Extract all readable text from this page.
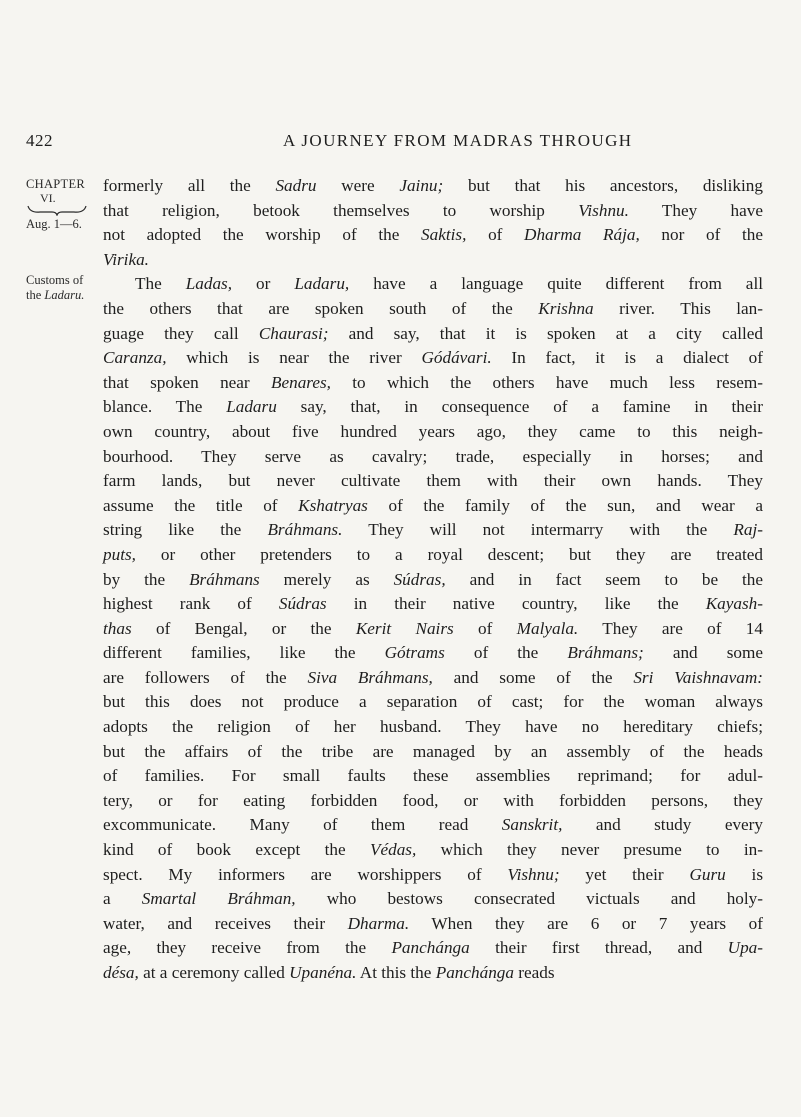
422	A JOURNEY FROM MADRAS THROUGH
CHAPTER
VI.
Aug. 1—6.
Customs of
the Ladaru.
formerly all the Sadru were Jainu; but that his ancestors, disliking
that religion, betook themselves to worship Vishnu. They have
not adopted the worship of the Saktis, of Dharma Rája, nor of the
Virika.
The Ladas, or Ladaru, have a language quite different from all
the others that are spoken south of the Krishna river. This lan-
guage they call Chaurasi; and say, that it is spoken at a city called
Caranza, which is near the river Gódávari. In fact, it is a dialect of
that spoken near Benares, to which the others have much less resem-
blance. The Ladaru say, that, in consequence of a famine in their
own country, about five hundred years ago, they came to this neigh-
bourhood. They serve as cavalry; trade, especially in horses; and
farm lands, but never cultivate them with their own hands. They
assume the title of Kshatryas of the family of the sun, and wear a
string like the Bráhmans. They will not intermarry with the Raj-
puts, or other pretenders to a royal descent; but they are treated
by the Bráhmans merely as Súdras, and in fact seem to be the
highest rank of Súdras in their native country, like the Kayash-
thas of Bengal, or the Kerit Nairs of Malyala. They are of 14
different families, like the Gótrams of the Bráhmans; and some
are followers of the Siva Bráhmans, and some of the Sri Vaishnavam:
but this does not produce a separation of cast; for the woman always
adopts the religion of her husband. They have no hereditary chiefs;
but the affairs of the tribe are managed by an assembly of the heads
of families. For small faults these assemblies reprimand; for adul-
tery, or for eating forbidden food, or with forbidden persons, they
excommunicate. Many of them read Sanskrit, and study every
kind of book except the Védas, which they never presume to in-
spect. My informers are worshippers of Vishnu; yet their Guru is
a Smartal Bráhman, who bestows consecrated victuals and holy-
water, and receives their Dharma. When they are 6 or 7 years of
age, they receive from the Panchánga their first thread, and Upa-
désa, at a ceremony called Upanéna. At this the Panchánga reads
